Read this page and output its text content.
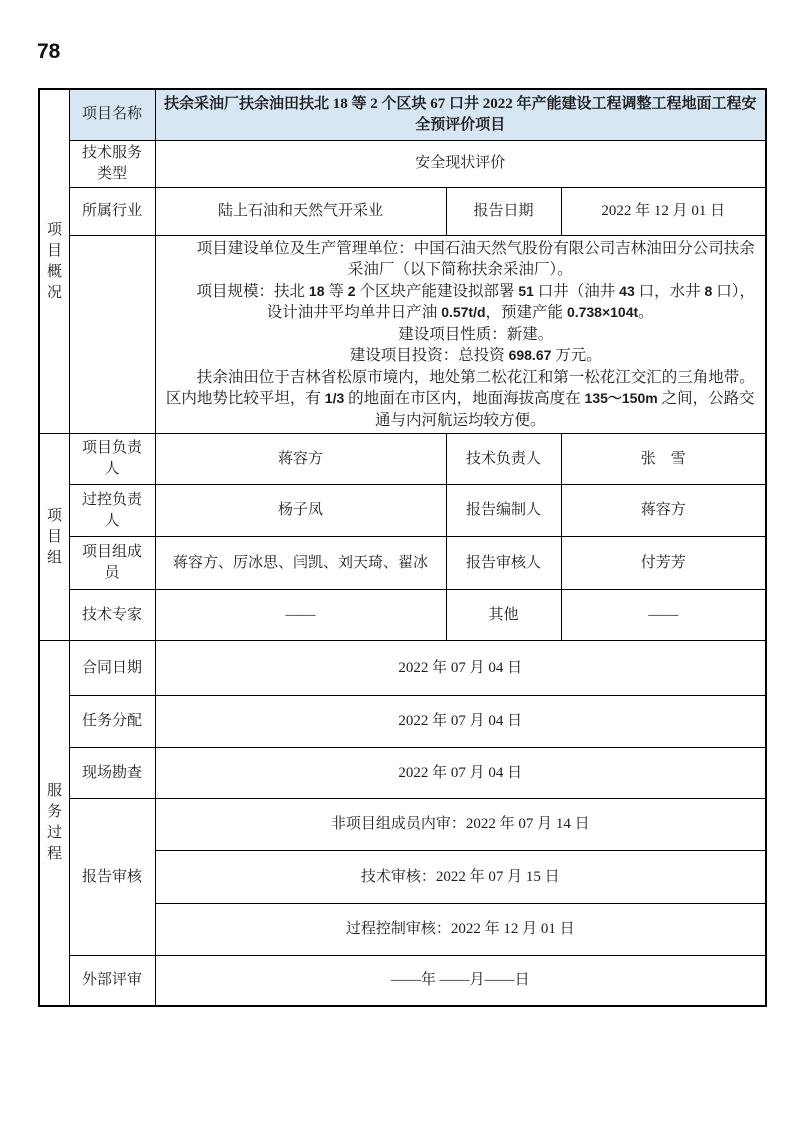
78
项目概况	项目名称	扶余采油厂扶余油田扶北 18 等 2 个区块 67 口井 2022 年产能建设工程调整工程地面工程安全预评价项目		
	技术服务类型	安全现状评价		
	所属行业	陆上石油和天然气开采业	报告日期	2022 年 12 月 01 日

		项目建设单位及生产管理单位：中国石油天然气股份有限公司吉林油田分公司扶余采油厂（以下简称扶余采油厂）。

项目规模：扶北 18 等 2 个区块产能建设拟部署 51 口井（油井 43 口，水井 8 口），设计油井平均单井日产油 0.57t/d，预建产能 0.738×104t。

建设项目性质：新建。

建设项目投资：总投资 698.67 万元。

扶余油田位于吉林省松原市境内，地处第二松花江和第一松花江交汇的三角地带。区内地势比较平坦，有 1/3 的地面在市区内，地面海拔高度在 135～150m 之间，公路交通与内河航运均较方便。		

项目组	项目负责人	蒋容方	技术负责人	张　雪
	过控负责人	杨子凤	报告编制人	蒋容方
	项目组成员	蒋容方、厉冰思、闫凯、刘天琦、翟冰	报告审核人	付芳芳
	技术专家	——	其他	——
服务过程	合同日期	2022 年 07 月 04 日		
	任务分配	2022 年 07 月 04 日		
	现场勘查	2022 年 07 月 04 日		
	报告审核	非项目组成员内审：2022 年 07 月 14 日		
		技术审核：2022 年 07 月 15 日		
		过程控制审核：2022 年 12 月 01 日		
	外部评审	——年 ——月——日		
